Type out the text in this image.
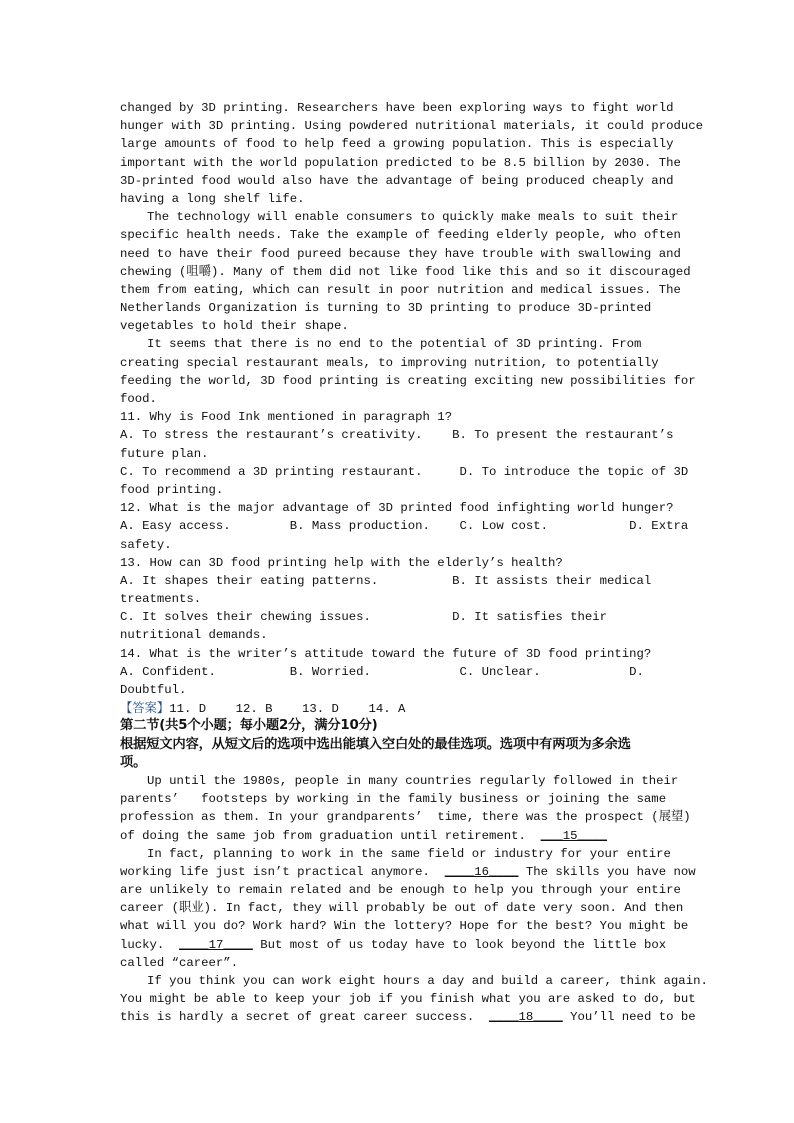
changed by 3D printing. Researchers have been exploring ways to fight world
hunger with 3D printing. Using powdered nutritional materials, it could produce
large amounts of food to help feed a growing population. This is especially
important with the world population predicted to be 8.5 billion by 2030. The
3D-printed food would also have the advantage of being produced cheaply and
having a long shelf life.
The technology will enable consumers to quickly make meals to suit their
specific health needs. Take the example of feeding elderly people, who often
need to have their food pureed because they have trouble with swallowing and
chewing (咀嚼). Many of them did not like food like this and so it discouraged
them from eating, which can result in poor nutrition and medical issues. The
Netherlands Organization is turning to 3D printing to produce 3D-printed
vegetables to hold their shape.
It seems that there is no end to the potential of 3D printing. From
creating special restaurant meals, to improving nutrition, to potentially
feeding the world, 3D food printing is creating exciting new possibilities for
food.
11. Why is Food Ink mentioned in paragraph 1?
A. To stress the restaurant’s creativity.    B. To present the restaurant’s
future plan.
C. To recommend a 3D printing restaurant.     D. To introduce the topic of 3D
food printing.
12. What is the major advantage of 3D printed food infighting world hunger?
A. Easy access.        B. Mass production.    C. Low cost.           D. Extra
safety.
13. How can 3D food printing help with the elderly’s health?
A. It shapes their eating patterns.          B. It assists their medical
treatments.
C. It solves their chewing issues.           D. It satisfies their
nutritional demands.
14. What is the writer’s attitude toward the future of 3D food printing?
A. Confident.          B. Worried.            C. Unclear.            D.
Doubtful.
【答案】11. D    12. B    13. D    14. A
第二节(共5个小题；每小题2分，满分10分)
根据短文内容，从短文后的选项中选出能填入空白处的最佳选项。选项中有两项为多余选
项。
Up until the 1980s, people in many countries regularly followed in their
parents’   footsteps by working in the family business or joining the same
profession as them. In your grandparents’  time, there was the prospect (展望)
of doing the same job from graduation until retirement.  ___15____
In fact, planning to work in the same field or industry for your entire
working life just isn’t practical anymore.  ____16____ The skills you have now
are unlikely to remain related and be enough to help you through your entire
career (职业). In fact, they will probably be out of date very soon. And then
what will you do? Work hard? Win the lottery? Hope for the best? You might be
lucky.  ____17____ But most of us today have to look beyond the little box
called “career”.
If you think you can work eight hours a day and build a career, think again.
You might be able to keep your job if you finish what you are asked to do, but
this is hardly a secret of great career success.  ____18____ You’ll need to be
